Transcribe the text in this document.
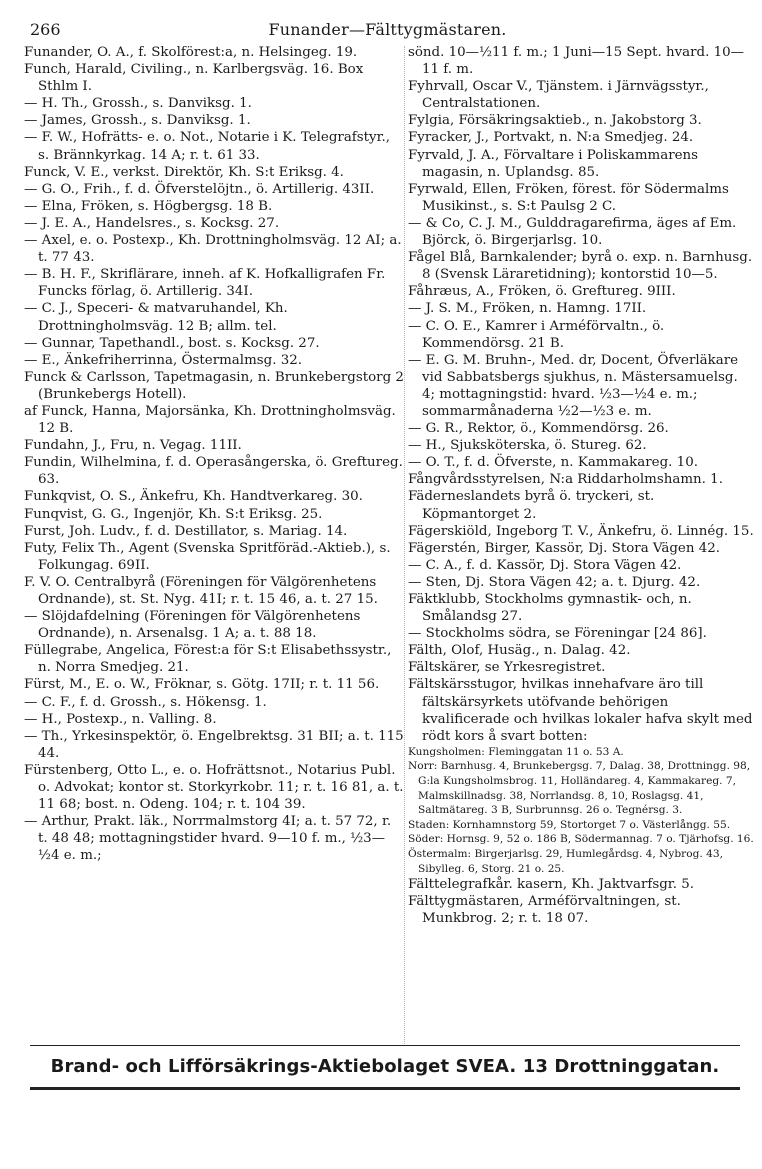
266	Funander—Fälttygmästaren.

Funander, O. A., f. Skolförest:a, n. Helsingeg. 19.

Funch, Harald, Civiling., n. Karlbergsväg. 16. Box Sthlm I.

— H. Th., Grossh., s. Danviksg. 1.

— James, Grossh., s. Danviksg. 1.

— F. W., Hofrätts- e. o. Not., Notarie i K. Telegrafstyr., s. Brännkyrkag. 14 A; r. t. 61 33.

Funck, V. E., verkst. Direktör, Kh. S:t Eriksg. 4.

— G. O., Frih., f. d. Öfverstelöjtn., ö. Artillerig. 43II.

— Elna, Fröken, s. Högbergsg. 18 B.

— J. E. A., Handelsres., s. Kocksg. 27.

— Axel, e. o. Postexp., Kh. Drottningholmsväg. 12 AI; a. t. 77 43.

— B. H. F., Skriflärare, inneh. af K. Hofkalligrafen Fr. Funcks förlag, ö. Artillerig. 34I.

— C. J., Speceri- & matvaruhandel, Kh. Drottningholmsväg. 12 B; allm. tel.

— Gunnar, Tapethandl., bost. s. Kocksg. 27.

— E., Änkefriherrinna, Östermalmsg. 32.

Funck & Carlsson, Tapetmagasin, n. Brunkebergstorg 2 (Brunkebergs Hotell).

af Funck, Hanna, Majorsänka, Kh. Drottningholmsväg. 12 B.

Fundahn, J., Fru, n. Vegag. 11II.

Fundin, Wilhelmina, f. d. Operasångerska, ö. Greftureg. 63.

Funkqvist, O. S., Änkefru, Kh. Handtverkareg. 30.

Funqvist, G. G., Ingenjör, Kh. S:t Eriksg. 25.

Furst, Joh. Ludv., f. d. Destillator, s. Mariag. 14.

Futy, Felix Th., Agent (Svenska Spritföräd.-Aktieb.), s. Folkungag. 69II.

F. V. O. Centralbyrå (Föreningen för Välgörenhetens Ordnande), st. St. Nyg. 41I; r. t. 15 46, a. t. 27 15.

— Slöjdafdelning (Föreningen för Välgörenhetens Ordnande), n. Arsenalsg. 1 A; a. t. 88 18.

Füllegrabe, Angelica, Förest:a för S:t Elisabethssystr., n. Norra Smedjeg. 21.

Fürst, M., E. o. W., Fröknar, s. Götg. 17II; r. t. 11 56.

— C. F., f. d. Grossh., s. Hökensg. 1.

— H., Postexp., n. Valling. 8.

— Th., Yrkesinspektör, ö. Engelbrektsg. 31 BII; a. t. 115 44.

Fürstenberg, Otto L., e. o. Hofrättsnot., Notarius Publ. o. Advokat; kontor st. Storkyrkobr. 11; r. t. 16 81, a. t. 11 68; bost. n. Odeng. 104; r. t. 104 39.

— Arthur, Prakt. läk., Norrmalmstorg 4I; a. t. 57 72, r. t. 48 48; mottagningstider hvard. 9—10 f. m., ½3—½4 e. m.;

sönd. 10—½11 f. m.; 1 Juni—15 Sept. hvard. 10—11 f. m.

Fyhrvall, Oscar V., Tjänstem. i Järnvägsstyr., Centralstationen.

Fylgia, Försäkringsaktieb., n. Jakobstorg 3.

Fyracker, J., Portvakt, n. N:a Smedjeg. 24.

Fyrvald, J. A., Förvaltare i Poliskammarens magasin, n. Uplandsg. 85.

Fyrwald, Ellen, Fröken, förest. för Södermalms Musikinst., s. S:t Paulsg 2 C.

— & Co, C. J. M., Gulddragarefirma, äges af Em. Björck, ö. Birgerjarlsg. 10.

Fågel Blå, Barnkalender; byrå o. exp. n. Barnhusg. 8 (Svensk Läraretidning); kontorstid 10—5.

Fåhræus, A., Fröken, ö. Greftureg. 9III.

— J. S. M., Fröken, n. Hamng. 17II.

— C. O. E., Kamrer i Arméförvaltn., ö. Kommendörsg. 21 B.

— E. G. M. Bruhn-, Med. dr, Docent, Öfverläkare vid Sabbatsbergs sjukhus, n. Mästersamuelsg. 4; mottagningstid: hvard. ½3—½4 e. m.; sommarmånaderna ½2—½3 e. m.

— G. R., Rektor, ö., Kommendörsg. 26.

— H., Sjuksköterska, ö. Stureg. 62.

— O. T., f. d. Öfverste, n. Kammakareg. 10.

Fångvårdsstyrelsen, N:a Riddarholmshamn. 1.

Fäderneslandets byrå ö. tryckeri, st. Köpmantorget 2.

Fägerskiöld, Ingeborg T. V., Änkefru, ö. Linnég. 15.

Fägerstén, Birger, Kassör, Dj. Stora Vägen 42.

— C. A., f. d. Kassör, Dj. Stora Vägen 42.

— Sten, Dj. Stora Vägen 42; a. t. Djurg. 42.

Fäktklubb, Stockholms gymnastik- och, n. Smålandsg 27.

— Stockholms södra, se Föreningar [24 86].

Fälth, Olof, Husäg., n. Dalag. 42.

Fältskärer, se Yrkesregistret.

Fältskärsstugor, hvilkas innehafvare äro till fältskärsyrkets utöfvande behörigen kvalificerade och hvilkas lokaler hafva skylt med rödt kors å svart botten:

Kungsholmen: Fleminggatan 11 o. 53 A.

Norr: Barnhusg. 4, Brunkebergsg. 7, Dalag. 38, Drottningg. 98, G:la Kungsholmsbrog. 11, Holländareg. 4, Kammakareg. 7, Malmskillnadsg. 38, Norrlandsg. 8, 10, Roslagsg. 41, Saltmätareg. 3 B, Surbrunnsg. 26 o. Tegnérsg. 3.

Staden: Kornhamnstorg 59, Stortorget 7 o. Västerlångg. 55.

Söder: Hornsg. 9, 52 o. 186 B, Södermannag. 7 o. Tjärhofsg. 16.

Östermalm: Birgerjarlsg. 29, Humlegårdsg. 4, Nybrog. 43, Sibylleg. 6, Storg. 21 o. 25.

Fälttelegrafkår. kasern, Kh. Jaktvarfsgr. 5.

Fälttygmästaren, Arméförvaltningen, st. Munkbrog. 2; r. t. 18 07.

Brand- och Lifförsäkrings-Aktiebolaget SVEA. 13 Drottninggatan.
